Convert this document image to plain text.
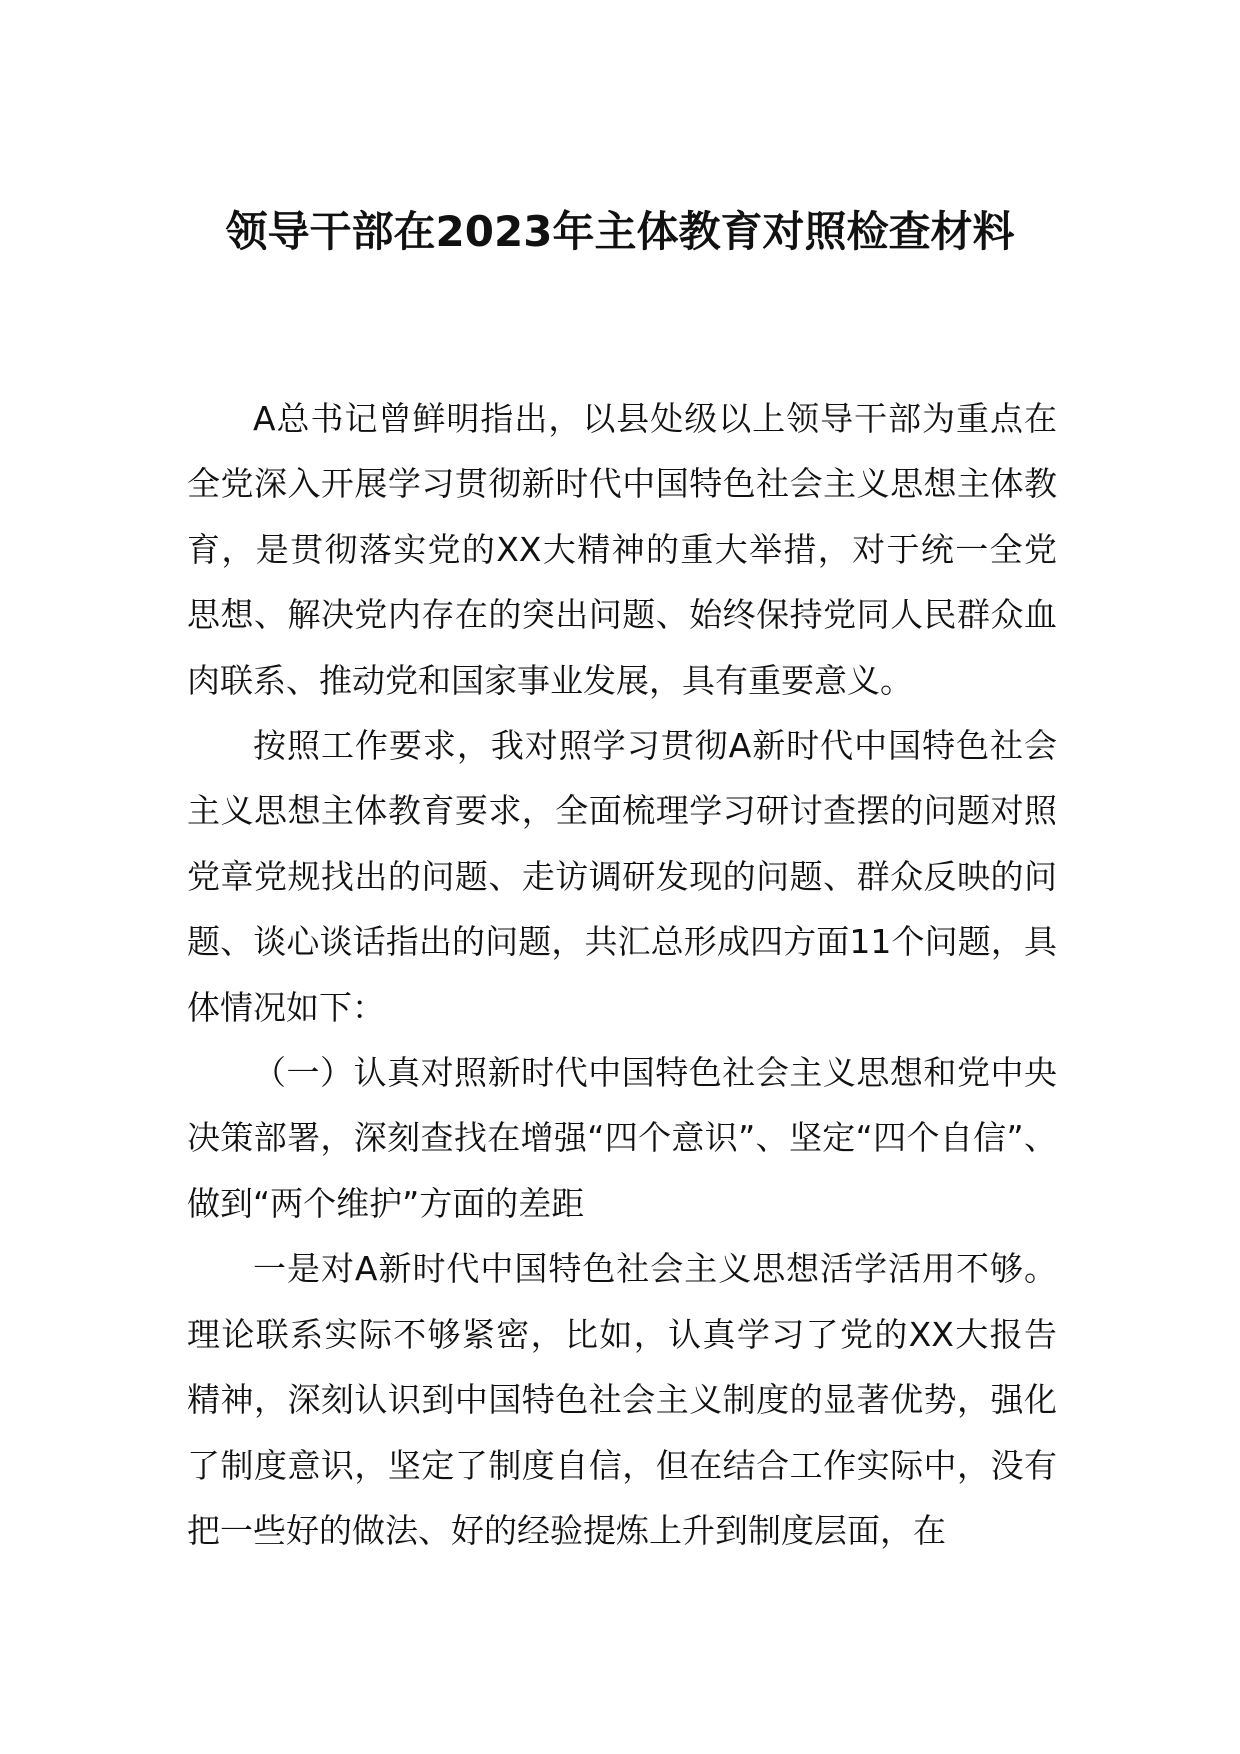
领导干部在2023年主体教育对照检查材料

A总书记曾鲜明指出，以县处级以上领导干部为重点在全党深入开展学习贯彻新时代中国特色社会主义思想主体教育，是贯彻落实党的XX大精神的重大举措，对于统一全党思想、解决党内存在的突出问题、始终保持党同人民群众血肉联系、推动党和国家事业发展，具有重要意义。

按照工作要求，我对照学习贯彻A新时代中国特色社会主义思想主体教育要求，全面梳理学习研讨查摆的问题对照党章党规找出的问题、走访调研发现的问题、群众反映的问题、谈心谈话指出的问题，共汇总形成四方面11个问题，具体情况如下：

（一）认真对照新时代中国特色社会主义思想和党中央决策部署，深刻查找在增强“四个意识”、坚定“四个自信”、做到“两个维护”方面的差距

一是对A新时代中国特色社会主义思想活学活用不够。理论联系实际不够紧密，比如，认真学习了党的XX大报告精神，深刻认识到中国特色社会主义制度的显著优势，强化了制度意识，坚定了制度自信，但在结合工作实际中，没有把一些好的做法、好的经验提炼上升到制度层面，在
